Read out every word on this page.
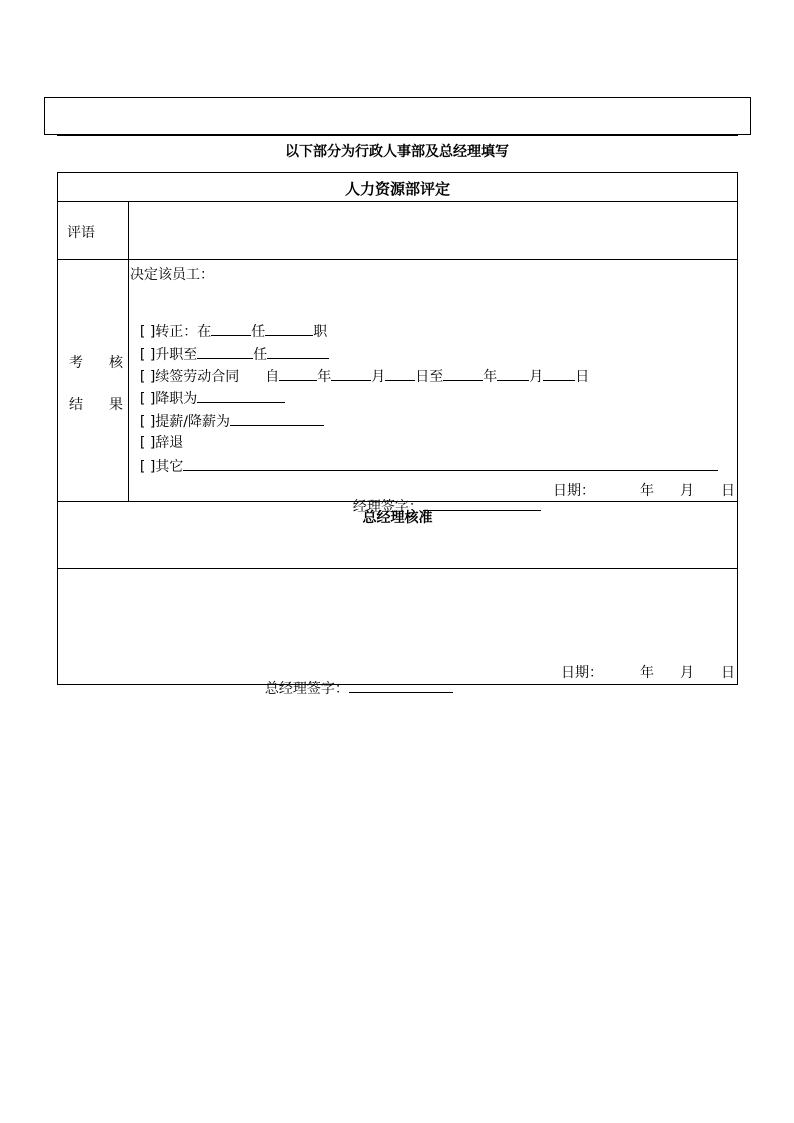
以下部分为行政人事部及总经理填写
人力资源部评定
评语
考　核
结　果
决定该员工：

[ ]转正：在	任	职

[ ]升职至	任

[ ]续签劳动合同 自	年	月 日至	年 月 日

[ ]降职为

[ ]提薪/降薪为

[ ]辞退

[ ]其它

经理签字：

日期：	年 月 日
总经理核准

总经理签字：

日期：	年 月 日
